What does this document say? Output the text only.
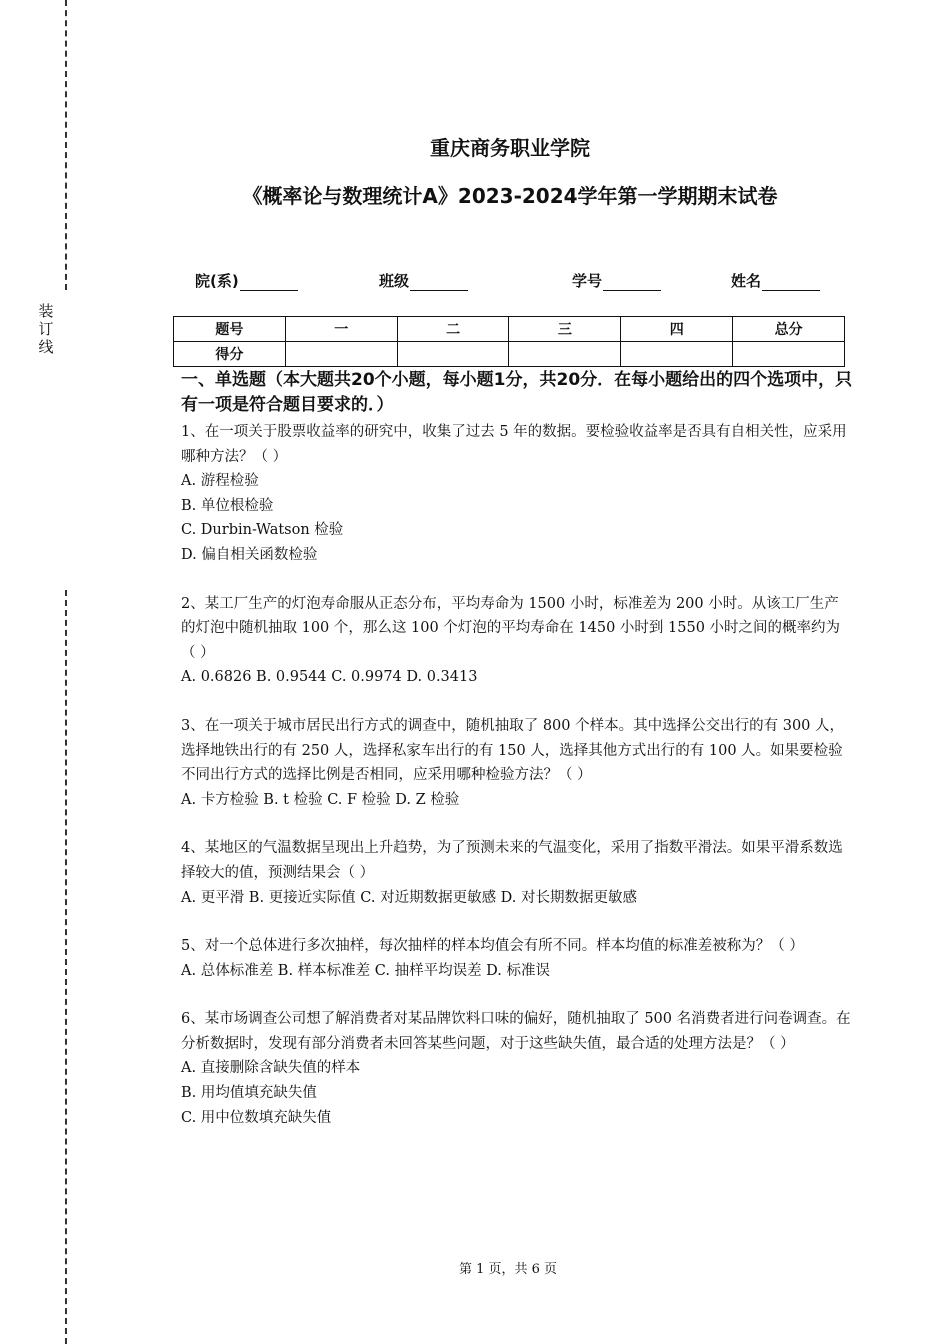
装
订
线
重庆商务职业学院
《概率论与数理统计A》2023-2024学年第一学期期末试卷
院(系)	班级	学号	姓名
题号	一	二	三	四	总分
得分					
一、单选题（本大题共20个小题，每小题1分，共20分．在每小题给出的四个选项中，只有一项是符合题目要求的．）

1、在一项关于股票收益率的研究中，收集了过去 5 年的数据。要检验收益率是否具有自相关性，应采用哪种方法？（ ）

A. 游程检验

B. 单位根检验

C. Durbin-Watson 检验

D. 偏自相关函数检验

2、某工厂生产的灯泡寿命服从正态分布，平均寿命为 1500 小时，标准差为 200 小时。从该工厂生产的灯泡中随机抽取 100 个，那么这 100 个灯泡的平均寿命在 1450 小时到 1550 小时之间的概率约为（ ）

A. 0.6826 B. 0.9544 C. 0.9974 D. 0.3413

3、在一项关于城市居民出行方式的调查中，随机抽取了 800 个样本。其中选择公交出行的有 300 人，选择地铁出行的有 250 人，选择私家车出行的有 150 人，选择其他方式出行的有 100 人。如果要检验不同出行方式的选择比例是否相同，应采用哪种检验方法？（ ）

A. 卡方检验 B. t 检验 C. F 检验 D. Z 检验

4、某地区的气温数据呈现出上升趋势，为了预测未来的气温变化，采用了指数平滑法。如果平滑系数选择较大的值，预测结果会（ ）

A. 更平滑 B. 更接近实际值 C. 对近期数据更敏感 D. 对长期数据更敏感

5、对一个总体进行多次抽样，每次抽样的样本均值会有所不同。样本均值的标准差被称为？（ ）

A. 总体标准差 B. 样本标准差 C. 抽样平均误差 D. 标准误

6、某市场调查公司想了解消费者对某品牌饮料口味的偏好，随机抽取了 500 名消费者进行问卷调查。在分析数据时，发现有部分消费者未回答某些问题，对于这些缺失值，最合适的处理方法是？（ ）

A. 直接删除含缺失值的样本

B. 用均值填充缺失值

C. 用中位数填充缺失值

第 1 页，共 6 页
